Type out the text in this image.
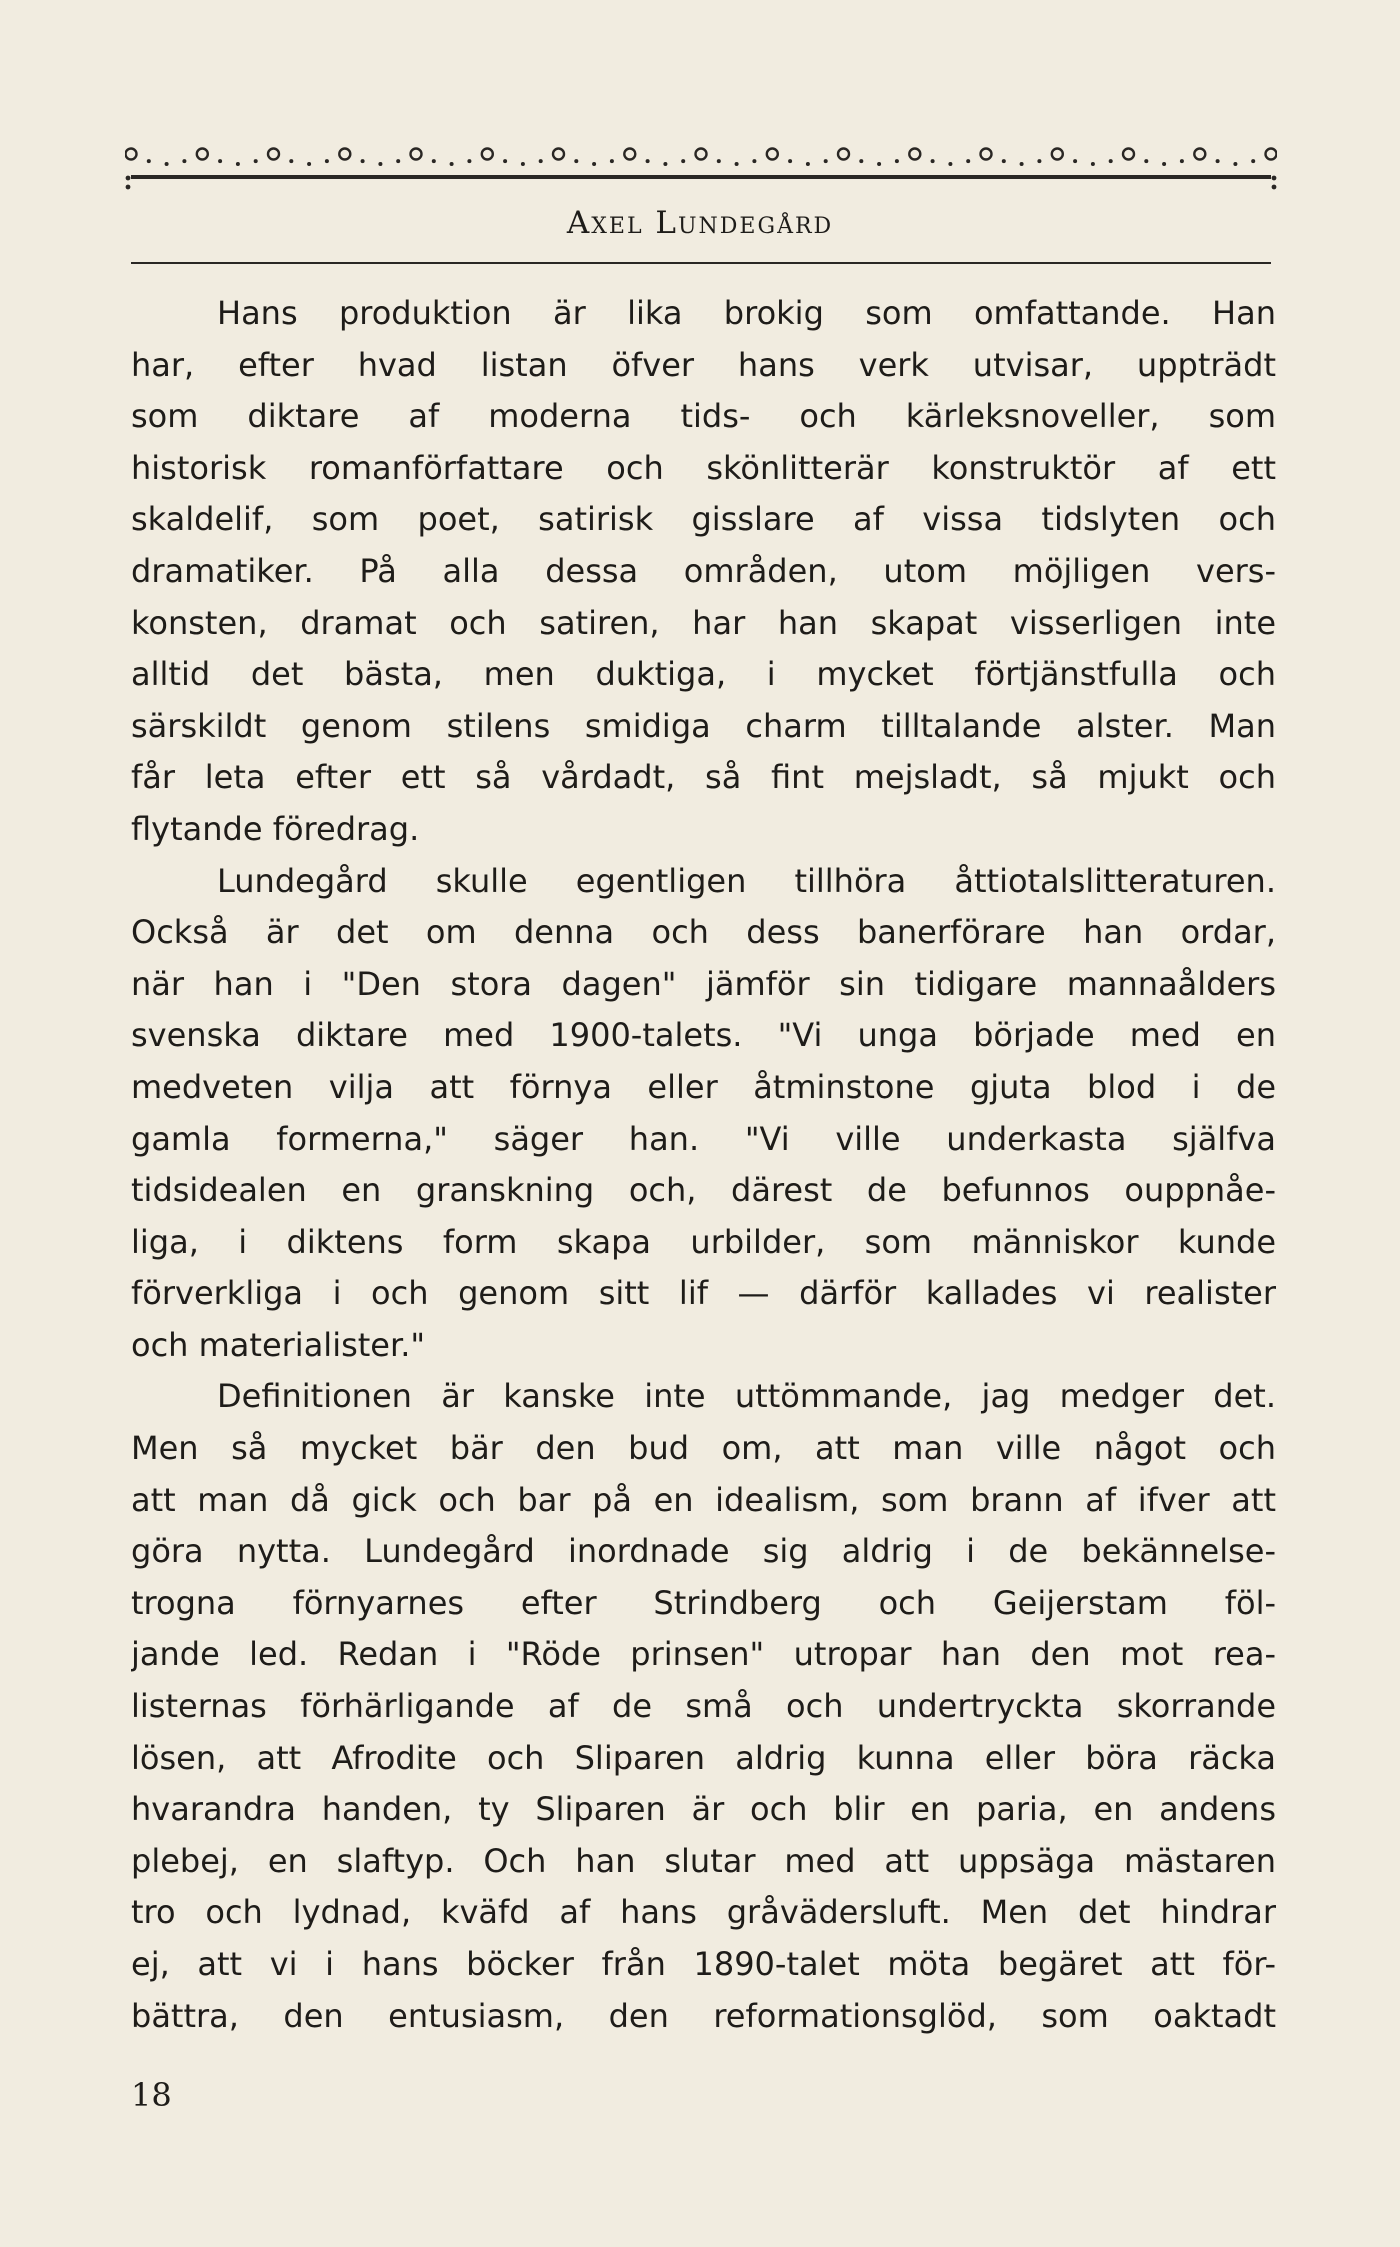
Axel Lundegård
Hans produktion är lika brokig som omfattande. Han
har, efter hvad listan öfver hans verk utvisar, uppträdt
som diktare af moderna tids- och kärleksnoveller, som
historisk romanförfattare och skönlitterär konstruktör af ett
skaldelif, som poet, satirisk gisslare af vissa tidslyten och
dramatiker. På alla dessa områden, utom möjligen vers-
konsten, dramat och satiren, har han skapat visserligen inte
alltid det bästa, men duktiga, i mycket förtjänstfulla och
särskildt genom stilens smidiga charm tilltalande alster. Man
får leta efter ett så vårdadt, så fint mejsladt, så mjukt och
flytande föredrag.
Lundegård skulle egentligen tillhöra åttiotalslitteraturen.
Också är det om denna och dess banerförare han ordar,
när han i "Den stora dagen" jämför sin tidigare mannaålders
svenska diktare med 1900-talets. "Vi unga började med en
medveten vilja att förnya eller åtminstone gjuta blod i de
gamla formerna," säger han. "Vi ville underkasta själfva
tidsidealen en granskning och, därest de befunnos ouppnåe-
liga, i diktens form skapa urbilder, som människor kunde
förverkliga i och genom sitt lif — därför kallades vi realister
och materialister."
Definitionen är kanske inte uttömmande, jag medger det.
Men så mycket bär den bud om, att man ville något och
att man då gick och bar på en idealism, som brann af ifver att
göra nytta. Lundegård inordnade sig aldrig i de bekännelse-
trogna förnyarnes efter Strindberg och Geijerstam föl-
jande led. Redan i "Röde prinsen" utropar han den mot rea-
listernas förhärligande af de små och undertryckta skorrande
lösen, att Afrodite och Sliparen aldrig kunna eller böra räcka
hvarandra handen, ty Sliparen är och blir en paria, en andens
plebej, en slaftyp. Och han slutar med att uppsäga mästaren
tro och lydnad, kväfd af hans gråvädersluft. Men det hindrar
ej, att vi i hans böcker från 1890-talet möta begäret att för-
bättra, den entusiasm, den reformationsglöd, som oaktadt
18
